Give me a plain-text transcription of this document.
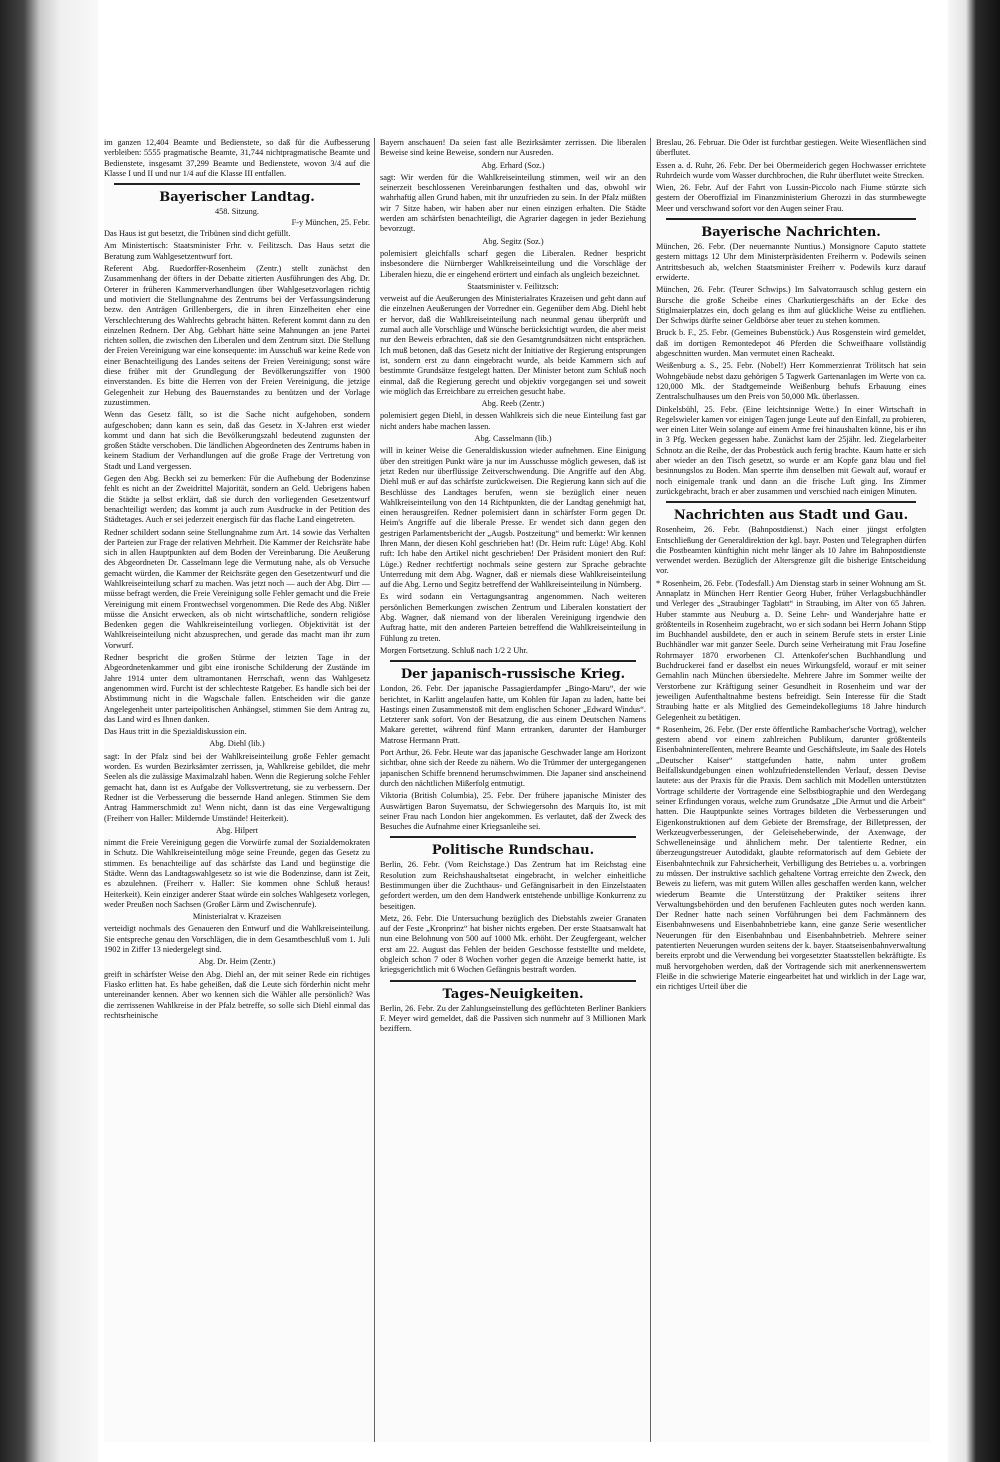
im ganzen 12,404 Beamte und Bedienstete, so daß für die Aufbesserung verbleiben: 5555 pragmatische Beamte, 31,744 nichtpragmatische Beamte und Bedienstete, insgesamt 37,299 Beamte und Bedienstete, wovon 3/4 auf die Klasse I und II und nur 1/4 auf die Klasse III entfallen.

Bayerischer Landtag.
458. Sitzung.
F-y München, 25. Febr.

Das Haus ist gut besetzt, die Tribünen sind dicht gefüllt.

Am Ministertisch: Staatsminister Frhr. v. Feilitzsch. Das Haus setzt die Beratung zum Wahlgesetzentwurf fort.

Referent Abg. Ruedorffer-Rosenheim (Zentr.) stellt zunächst den Zusammenhang der öfters in der Debatte zitierten Ausführungen des Abg. Dr. Orterer in früheren Kammerverhandlungen über Wahlgesetzvorlagen richtig und motiviert die Stellungnahme des Zentrums bei der Verfassungsänderung bezw. den Anträgen Grillenbergers, die in ihren Einzelheiten eher eine Verschlechterung des Wahlrechts gebracht hätten. Referent kommt dann zu den einzelnen Rednern. Der Abg. Gebhart hätte seine Mahnungen an jene Partei richten sollen, die zwischen den Liberalen und dem Zentrum sitzt. Die Stellung der Freien Vereinigung war eine konsequente: im Ausschuß war keine Rede von einer Benachteiligung des Landes seitens der Freien Vereinigung; sonst wäre diese früher mit der Grundlegung der Bevölkerungsziffer von 1900 einverstanden. Es bitte die Herren von der Freien Vereinigung, die jetzige Gelegenheit zur Hebung des Bauernstandes zu benützen und der Vorlage zuzustimmen.

Wenn das Gesetz fällt, so ist die Sache nicht aufgehoben, sondern aufgeschoben; dann kann es sein, daß das Gesetz in X-Jahren erst wieder kommt und dann hat sich die Bevölkerungszahl bedeutend zugunsten der großen Städte verschoben. Die ländlichen Abgeordneten des Zentrums haben in keinem Stadium der Verhandlungen auf die große Frage der Vertretung von Stadt und Land vergessen.

Gegen den Abg. Beckh sei zu bemerken: Für die Aufhebung der Bodenzinse fehlt es nicht an der Zweidrittel Majorität, sondern an Geld. Uebrigens haben die Städte ja selbst erklärt, daß sie durch den vorliegenden Gesetzentwurf benachteiligt werden; das kommt ja auch zum Ausdrucke in der Petition des Städtetages. Auch er sei jederzeit energisch für das flache Land eingetreten.

Redner schildert sodann seine Stellungnahme zum Art. 14 sowie das Verhalten der Parteien zur Frage der relativen Mehrheit. Die Kammer der Reichsräte habe sich in allen Hauptpunkten auf dem Boden der Vereinbarung. Die Aeußerung des Abgeordneten Dr. Casselmann lege die Vermutung nahe, als ob Versuche gemacht würden, die Kammer der Reichsräte gegen den Gesetzentwurf und die Wahlkreiseinteilung scharf zu machen. Was jetzt noch — auch der Abg. Dirr — müsse befragt werden, die Freie Vereinigung solle Fehler gemacht und die Freie Vereinigung mit einem Frontwechsel vorgenommen. Die Rede des Abg. Nißler müsse die Ansicht erwecken, als ob nicht wirtschaftliche, sondern religiöse Bedenken gegen die Wahlkreiseinteilung vorliegen. Objektivität ist der Wahlkreiseinteilung nicht abzusprechen, und gerade das macht man ihr zum Vorwurf.

Redner bespricht die großen Stürme der letzten Tage in der Abgeordnetenkammer und gibt eine ironische Schilderung der Zustände im Jahre 1914 unter dem ultramontanen Herrschaft, wenn das Wahlgesetz angenommen wird. Furcht ist der schlechteste Ratgeber. Es handle sich bei der Abstimmung nicht in die Wagschale fallen. Entscheiden wir die ganze Angelegenheit unter parteipolitischen Anhängsel, stimmen Sie dem Antrag zu, das Land wird es Ihnen danken.

Das Haus tritt in die Spezialdiskussion ein.

Abg. Diehl (lib.)

sagt: In der Pfalz sind bei der Wahlkreiseinteilung große Fehler gemacht worden. Es wurden Bezirksämter zerrissen, ja, Wahlkreise gebildet, die mehr Seelen als die zulässige Maximalzahl haben. Wenn die Regierung solche Fehler gemacht hat, dann ist es Aufgabe der Volksvertretung, sie zu verbessern. Der Redner ist die Verbesserung die bessernde Hand anlegen. Stimmen Sie dem Antrag Hammerschmidt zu! Wenn nicht, dann ist das eine Vergewaltigung (Freiherr von Haller: Mildernde Umstände! Heiterkeit).

Abg. Hilpert

nimmt die Freie Vereinigung gegen die Vorwürfe zumal der Sozialdemokraten in Schutz. Die Wahlkreiseinteilung möge seine Freunde, gegen das Gesetz zu stimmen. Es benachteilige auf das schärfste das Land und begünstige die Städte. Wenn das Landtagswahlgesetz so ist wie die Bodenzinse, dann ist Zeit, es abzulehnen. (Freiherr v. Haller: Sie kommen ohne Schluß heraus! Heiterkeit). Kein einziger anderer Staat würde ein solches Wahlgesetz vorlegen, weder Preußen noch Sachsen (Großer Lärm und Zwischenrufe).

Ministerialrat v. Krazeisen

verteidigt nochmals des Genaueren den Entwurf und die Wahlkreiseinteilung. Sie entspreche genau den Vorschlägen, die in dem Gesamtbeschluß vom 1. Juli 1902 in Ziffer 13 niedergelegt sind.

Abg. Dr. Heim (Zentr.)

greift in schärfster Weise den Abg. Diehl an, der mit seiner Rede ein richtiges Fiasko erlitten hat. Es habe geheißen, daß die Leute sich förderhin nicht mehr untereinander kennen. Aber wo kennen sich die Wähler alle persönlich? Was die zerrissenen Wahlkreise in der Pfalz betreffe, so solle sich Diehl einmal das rechtsrheinische

Bayern anschauen! Da seien fast alle Bezirksämter zerrissen. Die liberalen Beweise sind keine Beweise, sondern nur Ausreden.

Abg. Erhard (Soz.)

sagt: Wir werden für die Wahlkreiseinteilung stimmen, weil wir an den seinerzeit beschlossenen Vereinbarungen festhalten und das, obwohl wir wahrhaftig allen Grund haben, mit ihr unzufrieden zu sein. In der Pfalz müßten wir 7 Sitze haben, wir haben aber nur einen einzigen erhalten. Die Städte werden am schärfsten benachteiligt, die Agrarier dagegen in jeder Beziehung bevorzugt.

Abg. Segitz (Soz.)

polemisiert gleichfalls scharf gegen die Liberalen. Redner bespricht insbesondere die Nürnberger Wahlkreiseinteilung und die Vorschläge der Liberalen hiezu, die er eingehend erörtert und einfach als ungleich bezeichnet.

Staatsminister v. Feilitzsch:

verweist auf die Aeußerungen des Ministerialrates Krazeisen und geht dann auf die einzelnen Aeußerungen der Vorredner ein. Gegenüber dem Abg. Diehl hebt er hervor, daß die Wahlkreiseinteilung nach neunmal genau überprüft und zumal auch alle Vorschläge und Wünsche berücksichtigt wurden, die aber meist nur den Beweis erbrachten, daß sie den Gesamtgrundsätzen nicht entsprächen. Ich muß betonen, daß das Gesetz nicht der Initiative der Regierung entsprungen ist, sondern erst zu dann eingebracht wurde, als beide Kammern sich auf bestimmte Grundsätze festgelegt hatten. Der Minister betont zum Schluß noch einmal, daß die Regierung gerecht und objektiv vorgegangen sei und soweit wie möglich das Erreichbare zu erreichen gesucht habe.

Abg. Reeb (Zentr.)

polemisiert gegen Diehl, in dessen Wahlkreis sich die neue Einteilung fast gar nicht anders habe machen lassen.

Abg. Casselmann (lib.)

will in keiner Weise die Generaldiskussion wieder aufnehmen. Eine Einigung über den streitigen Punkt wäre ja nur im Ausschusse möglich gewesen, daß ist jetzt Reden nur überflüssige Zeitverschwendung. Die Angriffe auf den Abg. Diehl muß er auf das schärfste zurückweisen. Die Regierung kann sich auf die Beschlüsse des Landtages berufen, wenn sie bezüglich einer neuen Wahlkreiseinteilung von den 14 Richtpunkten, die der Landtag genehmigt hat, einen herausgreifen. Redner polemisiert dann in schärfster Form gegen Dr. Heim's Angriffe auf die liberale Presse. Er wendet sich dann gegen den gestrigen Parlamentsbericht der „Augsb. Postzeitung“ und bemerkt: Wir kennen Ihren Mann, der diesen Kohl geschrieben hat! (Dr. Heim ruft: Lüge! Abg. Kohl ruft: Ich habe den Artikel nicht geschrieben! Der Präsident moniert den Ruf: Lüge.) Redner rechtfertigt nochmals seine gestern zur Sprache gebrachte Unterredung mit dem Abg. Wagner, daß er niemals diese Wahlkreiseinteilung auf die Abg. Lerno und Segitz betreffend der Wahlkreiseinteilung in Nürnberg.

Es wird sodann ein Vertagungsantrag angenommen. Nach weiteren persönlichen Bemerkungen zwischen Zentrum und Liberalen konstatiert der Abg. Wagner, daß niemand von der liberalen Vereinigung irgendwie den Auftrag hatte, mit den anderen Parteien betreffend die Wahlkreiseinteilung in Fühlung zu treten.

Morgen Fortsetzung. Schluß nach 1/2 2 Uhr.

Der japanisch-russische Krieg.

London, 26. Febr. Der japanische Passagierdampfer „Bingo-Maru“, der wie berichtet, in Karlitt angelaufen hatte, um Kohlen für Japan zu laden, hatte bei Hastings einen Zusammenstoß mit dem englischen Schoner „Edward Windus“. Letzterer sank sofort. Von der Besatzung, die aus einem Deutschen Namens Makare gerettet, während fünf Mann ertranken, darunter der Hamburger Matrose Hermann Pratt.

Port Arthur, 26. Febr. Heute war das japanische Geschwader lange am Horizont sichtbar, ohne sich der Reede zu nähern. Wo die Trümmer der untergegangenen japanischen Schiffe brennend herumschwimmen. Die Japaner sind anscheinend durch den nächtlichen Mißerfolg entmutigt.

Viktoria (British Columbia), 25. Febr. Der frühere japanische Minister des Auswärtigen Baron Suyematsu, der Schwiegersohn des Marquis Ito, ist mit seiner Frau nach London hier angekommen. Es verlautet, daß der Zweck des Besuches die Aufnahme einer Kriegsanleihe sei.

Politische Rundschau.

Berlin, 26. Febr. (Vom Reichstage.) Das Zentrum hat im Reichstag eine Resolution zum Reichshaushaltsetat eingebracht, in welcher einheitliche Bestimmungen über die Zuchthaus- und Gefängnisarbeit in den Einzelstaaten gefordert werden, um den dem Handwerk entstehende unbillige Konkurrenz zu beseitigen.

Metz, 26. Febr. Die Untersuchung bezüglich des Diebstahls zweier Granaten auf der Feste „Kronprinz“ hat bisher nichts ergeben. Der erste Staatsanwalt hat nun eine Belohnung von 500 auf 1000 Mk. erhöht. Der Zeugfergeant, welcher erst am 22. August das Fehlen der beiden Geschosse feststellte und meldete, obgleich schon 7 oder 8 Wochen vorher gegen die Anzeige bemerkt hatte, ist kriegsgerichtlich mit 6 Wochen Gefängnis bestraft worden.

Tages-Neuigkeiten.

Berlin, 26. Febr. Zu der Zahlungseinstellung des geflüchteten Berliner Bankiers F. Meyer wird gemeldet, daß die Passiven sich nunmehr auf 3 Millionen Mark beziffern.

Breslau, 26. Februar. Die Oder ist furchtbar gestiegen. Weite Wiesenflächen sind überflutet.

Essen a. d. Ruhr, 26. Febr. Der bei Obermeiderich gegen Hochwasser errichtete Ruhrdeich wurde vom Wasser durchbrochen, die Ruhr überflutet weite Strecken.

Wien, 26. Febr. Auf der Fahrt von Lussin-Piccolo nach Fiume stürzte sich gestern der Oberoffizial im Finanzministerium Gherozzi in das sturmbewegte Meer und verschwand sofort vor den Augen seiner Frau.

Bayerische Nachrichten.

München, 26. Febr. (Der neuernannte Nuntius.) Monsignore Caputo stattete gestern mittags 12 Uhr dem Ministerpräsidenten Freiherrn v. Podewils seinen Antrittsbesuch ab, welchen Staatsminister Freiherr v. Podewils kurz darauf erwiderte.

München, 26. Febr. (Teurer Schwips.) Im Salvatorrausch schlug gestern ein Bursche die große Scheibe eines Charkutiergeschäfts an der Ecke des Stiglmaierplatzes ein, doch gelang es ihm auf glückliche Weise zu entfliehen. Der Schwips dürfte seiner Geldbörse aber teuer zu stehen kommen.

Bruck b. F., 25. Febr. (Gemeines Bubenstück.) Aus Rosgenstein wird gemeldet, daß im dortigen Remontedepot 46 Pferden die Schweifhaare vollständig abgeschnitten wurden. Man vermutet einen Racheakt.

Weißenburg a. S., 25. Febr. (Nobel!) Herr Kommerzienrat Trölitsch hat sein Wohngebäude nebst dazu gehörigen 5 Tagwerk Gartenanlagen im Werte von ca. 120,000 Mk. der Stadtgemeinde Weißenburg behufs Erbauung eines Zentralschulhauses um den Preis von 50,000 Mk. überlassen.

Dinkelsbühl, 25. Febr. (Eine leichtsinnige Wette.) In einer Wirtschaft in Regelswieler kamen vor einigen Tagen junge Leute auf den Einfall, zu probieren, wer einen Liter Wein solange auf einem Arme frei hinaushalten könne, bis er ihn in 3 Pfg. Wecken gegessen habe. Zunächst kam der 25jähr. led. Ziegelarbeiter Schnotz an die Reihe, der das Probestück auch fertig brachte. Kaum hatte er sich aber wieder an den Tisch gesetzt, so wurde er am Kopfe ganz blau und fiel besinnungslos zu Boden. Man sperrte ihm denselben mit Gewalt auf, worauf er noch einigemale trank und dann an die frische Luft ging. Ins Zimmer zurückgebracht, brach er aber zusammen und verschied nach einigen Minuten.

Nachrichten aus Stadt und Gau.

Rosenheim, 26. Febr. (Bahnpostdienst.) Nach einer jüngst erfolgten Entschließung der Generaldirektion der kgl. bayr. Posten und Telegraphen dürfen die Postbeamten künftighin nicht mehr länger als 10 Jahre im Bahnpostdienste verwendet werden. Bezüglich der Altersgrenze gilt die bisherige Entscheidung vor.

* Rosenheim, 26. Febr. (Todesfall.) Am Dienstag starb in seiner Wohnung am St. Annaplatz in München Herr Rentier Georg Huber, früher Verlagsbuchhändler und Verleger des „Straubinger Tagblatt“ in Straubing, im Alter von 65 Jahren. Huber stammte aus Neuburg a. D. Seine Lehr- und Wanderjahre hatte er größtenteils in Rosenheim zugebracht, wo er sich sodann bei Herrn Johann Stipp im Buchhandel ausbildete, den er auch in seinem Berufe stets in erster Linie Buchhändler war mit ganzer Seele. Durch seine Verheiratung mit Frau Josefine Rohrmayer 1870 erworbenen Cl. Attenkofer'schen Buchhandlung und Buchdruckerei fand er daselbst ein neues Wirkungsfeld, worauf er mit seiner Gemahlin nach München übersiedelte. Mehrere Jahre im Sommer weilte der Verstorbene zur Kräftigung seiner Gesundheit in Rosenheim und war der jeweiligen Aufenthaltnahme bestens befreidigt. Sein Interesse für die Stadt Straubing hatte er als Mitglied des Gemeindekollegiums 18 Jahre hindurch Gelegenheit zu betätigen.

* Rosenheim, 26. Febr. (Der erste öffentliche Rambacher'sche Vortrag), welcher gestern abend vor einem zahlreichen Publikum, darunter größtenteils Eisenbahnintereſſenten, mehrere Beamte und Geschäftsleute, im Saale des Hotels „Deutscher Kaiser“ stattgefunden hatte, nahm unter großem Beifallskundgebungen einen wohlzufriedenstellenden Verlauf, dessen Devise lautete: aus der Praxis für die Praxis. Dem sachlich mit Modellen unterstützten Vortrage schilderte der Vortragende eine Selbstbiographie und den Werdegang seiner Erfindungen voraus, welche zum Grundsatze „Die Armut und die Arbeit“ hatten. Die Hauptpunkte seines Vortrages bildeten die Verbesserungen und Eigenkonstruktionen auf dem Gebiete der Bremsfrage, der Billetpressen, der Werkzeugverbesserungen, der Geleiseheberwinde, der Axenwage, der Schwelleneinsäge und ähnlichem mehr. Der talentierte Redner, ein überzeugungstreuer Autodidakt, glaubte reformatorisch auf dem Gebiete der Eisenbahntechnik zur Fahrsicherheit, Verbilligung des Betriebes u. a. vorbringen zu müssen. Der instruktive sachlich gehaltene Vortrag erreichte den Zweck, den Beweis zu liefern, was mit gutem Willen alles geschaffen werden kann, welcher wiederum Beamte die Unterstützung der Praktiker seitens ihrer Verwaltungsbehörden und den berufenen Fachleuten gutes noch werden kann. Der Redner hatte nach seinen Vorführungen bei dem Fachmännern des Eisenbahnwesens und Eisenbahnbetriebe kann, eine ganze Serie wesentlicher Neuerungen für den Eisenbahnbau und Eisenbahnbetrieb. Mehrere seiner patentierten Neuerungen wurden seitens der k. bayer. Staatseisenbahnverwaltung bereits erprobt und die Verwendung bei vorgesetzter Staatsstellen bekräftigte. Es muß hervorgehoben werden, daß der Vortragende sich mit anerkennenswertem Fleiße in die schwierige Materie eingearbeitet hat und wirklich in der Lage war, ein richtiges Urteil über die
